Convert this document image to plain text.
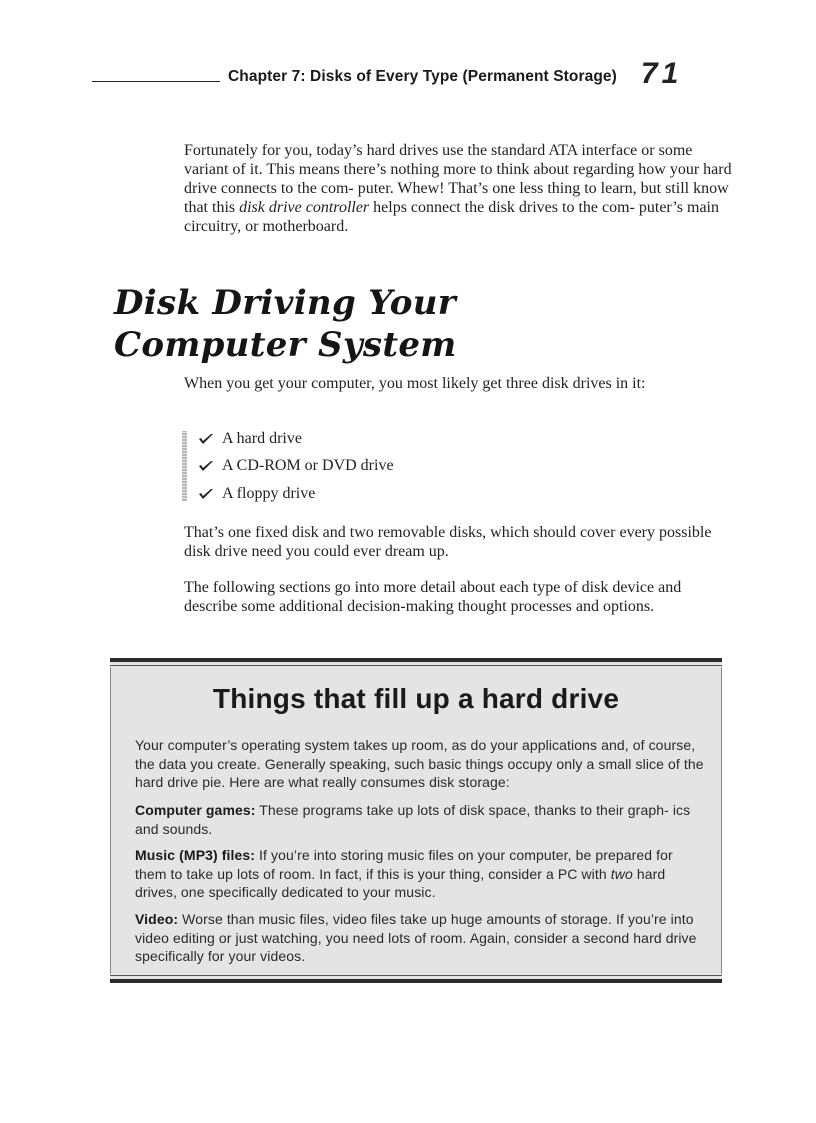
Chapter 7: Disks of Every Type (Permanent Storage) 71

Fortunately for you, today’s hard drives use the standard ATA interface or some variant of it. This means there’s nothing more to think about regarding how your hard drive connects to the com- puter. Whew! That’s one less thing to learn, but still know that this disk drive controller helps connect the disk drives to the com- puter’s main circuitry, or motherboard.

Disk Driving Your
Computer System

When you get your computer, you most likely get three disk drives in it:

A hard drive
A CD-ROM or DVD drive
A floppy drive

That’s one fixed disk and two removable disks, which should cover every possible disk drive need you could ever dream up.

The following sections go into more detail about each type of disk device and describe some additional decision-making thought processes and options.

Things that fill up a hard drive

Your computer’s operating system takes up room, as do your applications and, of course, the data you create. Generally speaking, such basic things occupy only a small slice of the hard drive pie. Here are what really consumes disk storage:

Computer games: These programs take up lots of disk space, thanks to their graph- ics and sounds.

Music (MP3) files: If you’re into storing music files on your computer, be prepared for them to take up lots of room. In fact, if this is your thing, consider a PC with two hard drives, one specifically dedicated to your music.

Video: Worse than music files, video files take up huge amounts of storage. If you’re into video editing or just watching, you need lots of room. Again, consider a second hard drive specifically for your videos.
